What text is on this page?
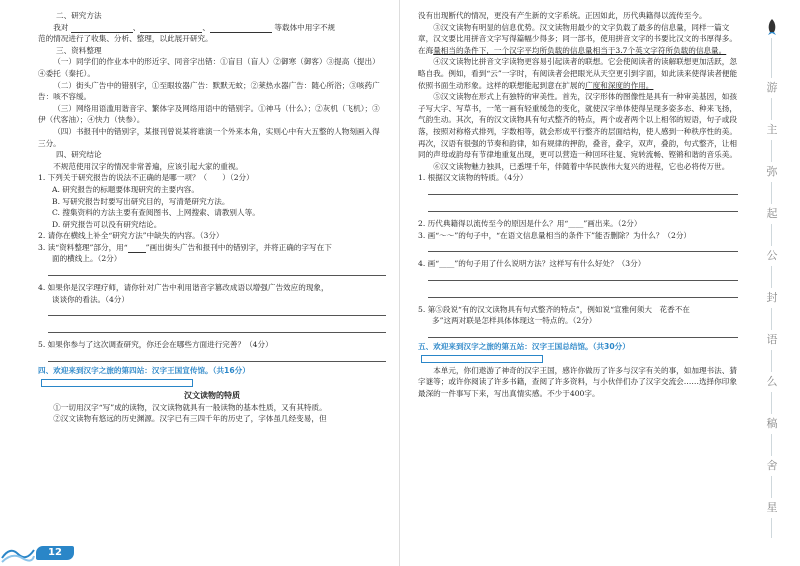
二、研究方法

我对	、	、	等载体中用字不规

范的情况进行了收集、分析、整理，以此展开研究。

三、资料整理

（一）同学们的作业本中的形近字、同音字出错：①盲目（盲人）②御寒（御客）③提高（提出）④委托（秦托）。

（二）街头广告中的错别字，①至眼妆器广告：默默无蚊；②莱热水器广告：随心所浴；③咳药广告：咳不容缓。

（三）网络用语滥用谐音字、繁体字及网络用语中的错别字。①神马（什么）；②灰机（飞机）；③伊（代客油）；④快力（快参）。

（四）书报刊中的错别字，某报刊曾说某将谁演一个外来本角，实则心中有大五整的人物刻画入得三分。

四、研究结论

不规范使用汉字的情况非常普遍，应该引起大家的重视。

1. 下列关于研究报告的说法不正确的是哪一项？（　　）（2分）

A. 研究报告的标题要体现研究的主要内容。

B. 写研究报告时要写出研究目的，写清楚研究方法。

C. 搜集资料的方法主要有查阅图书、上网搜索、请教别人等。

D. 研究报告可以没有研究结论。

2. 请你在横线上补全“研究方法”中缺失的内容。（3分）

3. 读“资料整理”部分，用“ ”画出街头广告和报刊中的错别字，并将正确的字写在下

面的横线上。（2分）

4. 如果你是汉字理疗师，请你针对广告中利用谐音字篡改成语以增强广告效应的现象，

谈谈你的看法。（4分）

5. 如果你参与了这次调查研究，你还会在哪些方面进行完善？（4分）

四、欢迎来到汉字之旅的第四站：汉字王国宣传馆。（共16分）

汉文读物的特质

①一切用汉字“写”成的读物，汉文读物就具有一般读物的基本性质，又有其特质。

②汉文读物有悠远的历史渊源。汉字已有三四千年的历史了，字体虽几经变易，但

12

没有出现断代的情况，更没有产生新的文字系统。正因如此，历代典籍得以流传至今。

③汉文读物有明显的信息优势。汉文读物用最少的文字负载了最多的信息量，同样一篇文章，汉文要比用拼音文字写得篇幅少得多；同一部书，使用拼音文字的书要比汉文的书厚得多。在海量相当的条件下，一个汉字平均所负载的信息量相当于3.7个英文字符所负载的信息量。

④汉文读物比拼音文字读物更容易引起读者的联想。它会使阅读者的读解联想更加活跃，忽略自我。例如，看到“云”一字时，有阅读者会把眼光从天空更引到字面，如此读来使得读者便能依照书面生动形象。这样的联想能起到意在扩展的广度和深度的作用。

⑤汉文读物在形式上有独特的审美性。首先，汉字形体的图像性是具有一种审美基因，如孩子写大字、写草书，一笔一画有轻重缓急的变化，就使汉字单体使得呈现多姿多态、种来飞扬，气韵生动。其次，有的汉文读物具有句式整齐的特点，两个或者两个以上相邻的短语，句子或段落，按照对称格式排列，字数相等，就会形成平行整齐的层面结构，使人感到一种秩序性的美。再次，汉语有很强的节奏和韵律，如有规律的押韵，叠音，叠字，双声，叠韵，句式整齐，让相同的声母或韵母有节律地重复出现，更可以营造一种回环往复、宛转流畅、铿锵和谐的音乐美。

⑥汉文读物魅力独具，已悉埋千年，伴随着中华民族伟大复兴的进程，它也必将传万世。

1. 根据汉文读物的特质。（4分）

2. 历代典籍得以流传至今的原因是什么？用“____”画出来。（2分）

3. 画“～～”的句子中，“在语文信息量相当的条件下”能否删除？为什么？（2分）

4. 画“____”的句子用了什么说明方法？这样写有什么好处？（3分）

5. 第⑤段说“有的汉文读物具有句式整齐的特点”，例如说“宣雅何须大　花香不在

多”这两对联是怎样具体体现这一特点的。（2分）

五、欢迎来到汉字之旅的第五站：汉字王国总结馆。（共30分）

本单元，你们遨游了神奇的汉字王国，感许你做历了许多与汉字有关的事，如加理书法、猜字谜等；或许你阅读了许多书籍，查阅了许多资料，与小伙伴们办了汉字交流会……选择你印象最深的一件事写下来，写出真情实感。不少于400字。

游
主
弥
起
公
封
语
么
稿
舍
星
